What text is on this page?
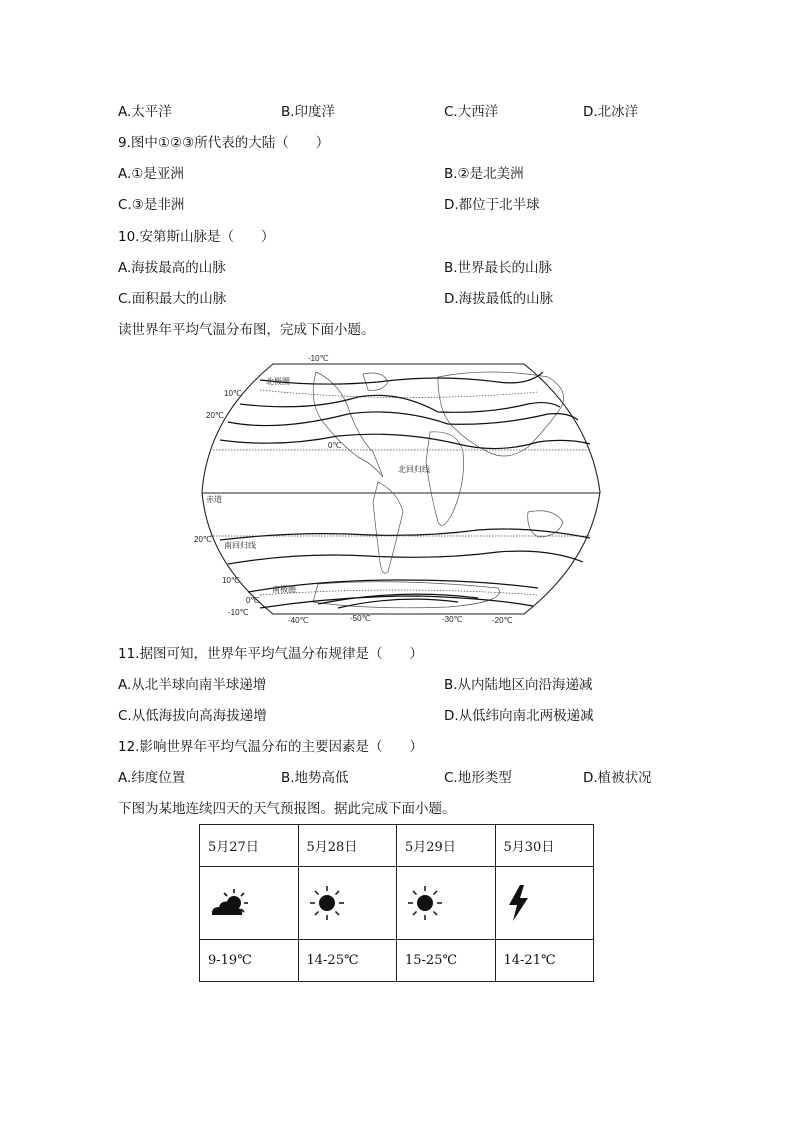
A.太平洋	B.印度洋	C.大西洋	D.北冰洋
9.图中①②③所代表的大陆（　　）
A.①是亚洲	B.②是北美洲
C.③是非洲	D.都位于北半球
10.安第斯山脉是（　　）
A.海拔最高的山脉	B.世界最长的山脉
C.面积最大的山脉	D.海拔最低的山脉
读世界年平均气温分布图，完成下面小题。
-10℃
北极圈
10℃
20℃
0℃
北回归线
赤道
20℃
南回归线
10℃
0℃
-10℃
南极圈
-40℃	-50℃	-30℃	-20℃
11.据图可知，世界年平均气温分布规律是（　　）
A.从北半球向南半球递增	B.从内陆地区向沿海递减
C.从低海拔向高海拔递增	D.从低纬向南北两极递减
12.影响世界年平均气温分布的主要因素是（　　）
A.纬度位置	B.地势高低	C.地形类型	D.植被状况
下图为某地连续四天的天气预报图。据此完成下面小题。
5月27日	5月28日	5月29日	5月30日

9-19℃	14-25℃	15-25℃	14-21℃
